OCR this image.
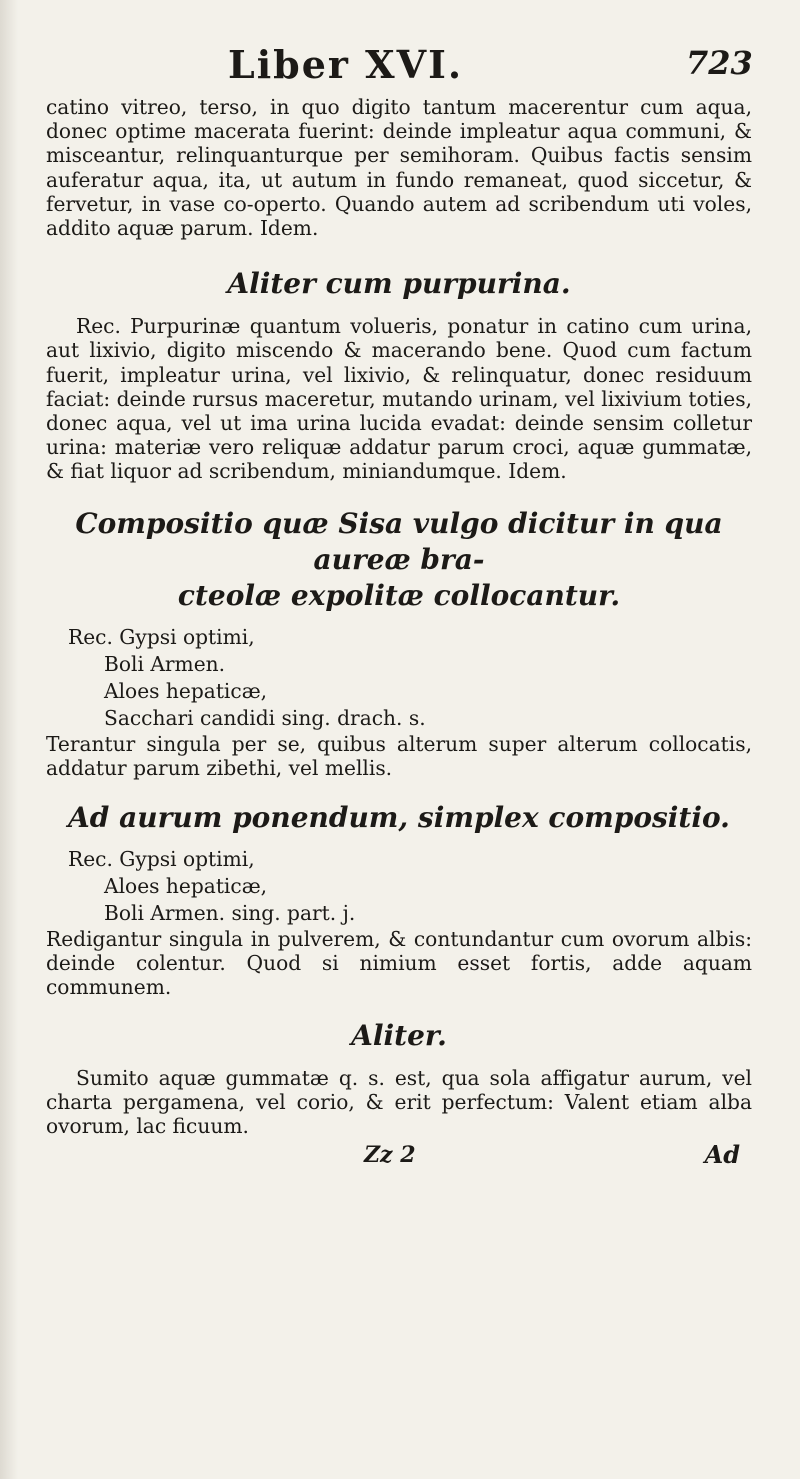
Liber XVI.	723

catino vitreo, terso, in quo digito tantum macerentur cum aqua, donec optime macerata fuerint: deinde impleatur aqua communi, & misceantur, relinquanturque per semihoram. Quibus factis sensim auferatur aqua, ita, ut autum in fundo remaneat, quod siccetur, & fervetur, in vase co-operto. Quando autem ad scribendum uti voles, addito aquæ parum. Idem.

Aliter cum purpurina.

Rec. Purpurinæ quantum volueris, ponatur in catino cum urina, aut lixivio, digito miscendo & macerando bene. Quod cum factum fuerit, impleatur urina, vel lixivio, & relinquatur, donec residuum faciat: deinde rursus maceretur, mutando urinam, vel lixivium toties, donec aqua, vel ut ima urina lucida evadat: deinde sensim colletur urina: materiæ vero reliquæ addatur parum croci, aquæ gummatæ, & fiat liquor ad scribendum, miniandumque. Idem.

Compositio quæ Sisa vulgo dicitur in qua aureæ bra-
cteolæ expolitæ collocantur.
Rec. Gypsi optimi,
Boli Armen.
Aloes hepaticæ,
Sacchari candidi sing. drach. s.

Terantur singula per se, quibus alterum super alterum collocatis, addatur parum zibethi, vel mellis.

Ad aurum ponendum, simplex compositio.
Rec. Gypsi optimi,
Aloes hepaticæ,
Boli Armen. sing. part. j.

Redigantur singula in pulverem, & contundantur cum ovorum albis: deinde colentur. Quod si nimium esset fortis, adde aquam communem.

Aliter.

Sumito aquæ gummatæ q. s. est, qua sola affigatur aurum, vel charta pergamena, vel corio, & erit perfectum: Valent etiam alba ovorum, lac ficuum.

Zz 2	Ad
